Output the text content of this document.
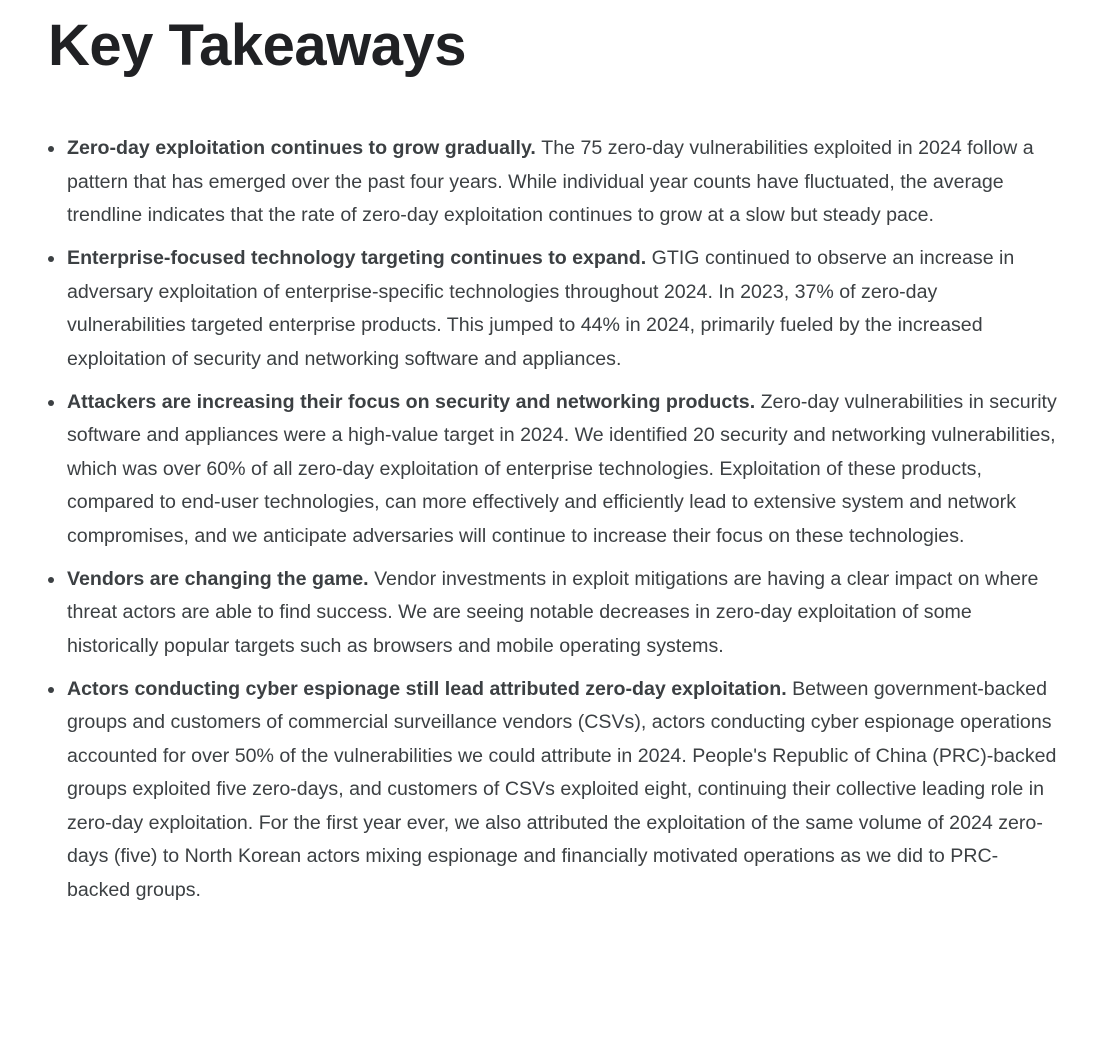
Key Takeaways
Zero-day exploitation continues to grow gradually. The 75 zero-day vulnerabilities exploited in 2024 follow a pattern that has emerged over the past four years. While individual year counts have fluctuated, the average trendline indicates that the rate of zero-day exploitation continues to grow at a slow but steady pace.
Enterprise-focused technology targeting continues to expand. GTIG continued to observe an increase in adversary exploitation of enterprise-specific technologies throughout 2024. In 2023, 37% of zero-day vulnerabilities targeted enterprise products. This jumped to 44% in 2024, primarily fueled by the increased exploitation of security and networking software and appliances.
Attackers are increasing their focus on security and networking products. Zero-day vulnerabilities in security software and appliances were a high-value target in 2024. We identified 20 security and networking vulnerabilities, which was over 60% of all zero-day exploitation of enterprise technologies. Exploitation of these products, compared to end-user technologies, can more effectively and efficiently lead to extensive system and network compromises, and we anticipate adversaries will continue to increase their focus on these technologies.
Vendors are changing the game. Vendor investments in exploit mitigations are having a clear impact on where threat actors are able to find success. We are seeing notable decreases in zero-day exploitation of some historically popular targets such as browsers and mobile operating systems.
Actors conducting cyber espionage still lead attributed zero-day exploitation. Between government-backed groups and customers of commercial surveillance vendors (CSVs), actors conducting cyber espionage operations accounted for over 50% of the vulnerabilities we could attribute in 2024. People's Republic of China (PRC)-backed groups exploited five zero-days, and customers of CSVs exploited eight, continuing their collective leading role in zero-day exploitation. For the first year ever, we also attributed the exploitation of the same volume of 2024 zero-days (five) to North Korean actors mixing espionage and financially motivated operations as we did to PRC-backed groups.
